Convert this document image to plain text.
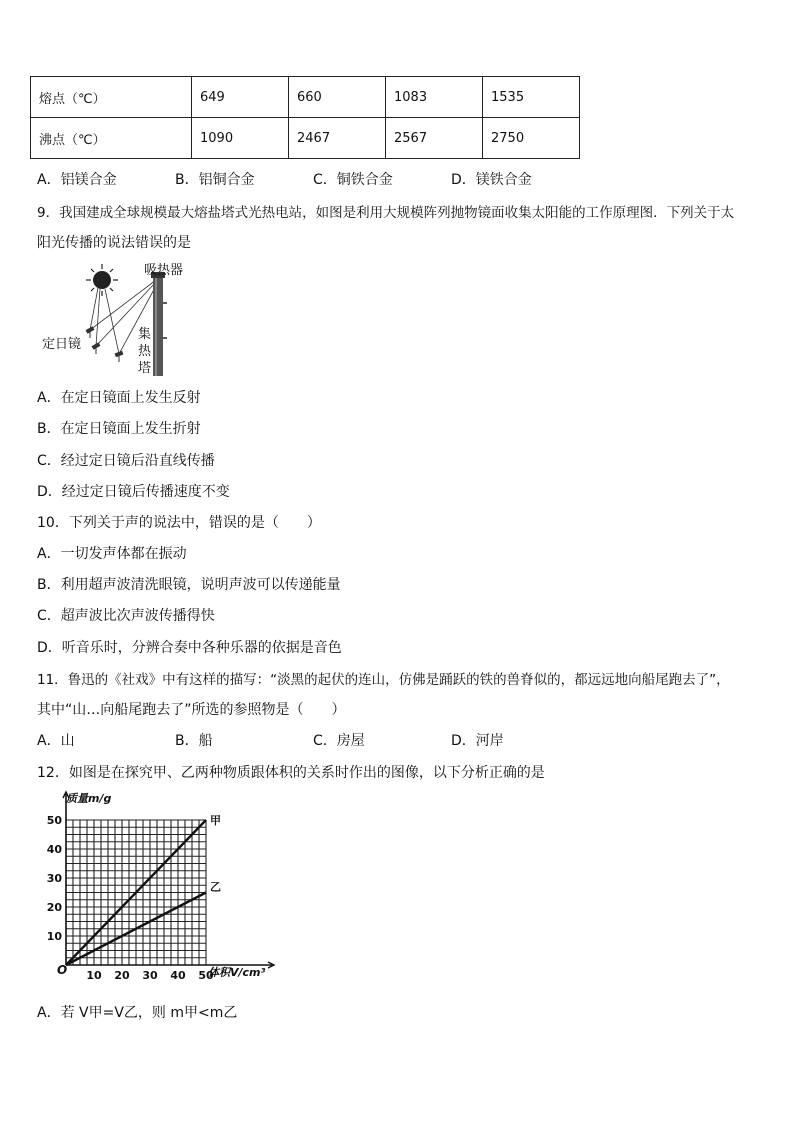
熔点（℃）	649	660	1083	1535
沸点（℃）	1090	2467	2567	2750
A．铝镁合金	B．铝铜合金	C．铜铁合金	D．镁铁合金
9．我国建成全球规模最大熔盐塔式光热电站，如图是利用大规模阵列抛物镜面收集太阳能的工作原理图．下列关于太
阳光传播的说法错误的是
吸热器
定日镜
集
热
塔
A．在定日镜面上发生反射
B．在定日镜面上发生折射
C．经过定日镜后沿直线传播
D．经过定日镜后传播速度不变
10．下列关于声的说法中，错误的是（　　）
A．一切发声体都在振动
B．利用超声波清洗眼镜，说明声波可以传递能量
C．超声波比次声波传播得快
D．听音乐时，分辨合奏中各种乐器的依据是音色
11．鲁迅的《社戏》中有这样的描写：“淡黑的起伏的连山，仿佛是踊跃的铁的兽脊似的，都远远地向船尾跑去了”，
其中“山…向船尾跑去了”所选的参照物是（　　）
A．山	B．船	C．房屋	D．河岸
12．如图是在探究甲、乙两种物质跟体积的关系时作出的图像，以下分析正确的是
甲
乙
10 20 30 40 50
10
20
30
40
50
质量m/g
体积V/cm³
O
A．若 V甲=V乙，则 m甲<m乙
